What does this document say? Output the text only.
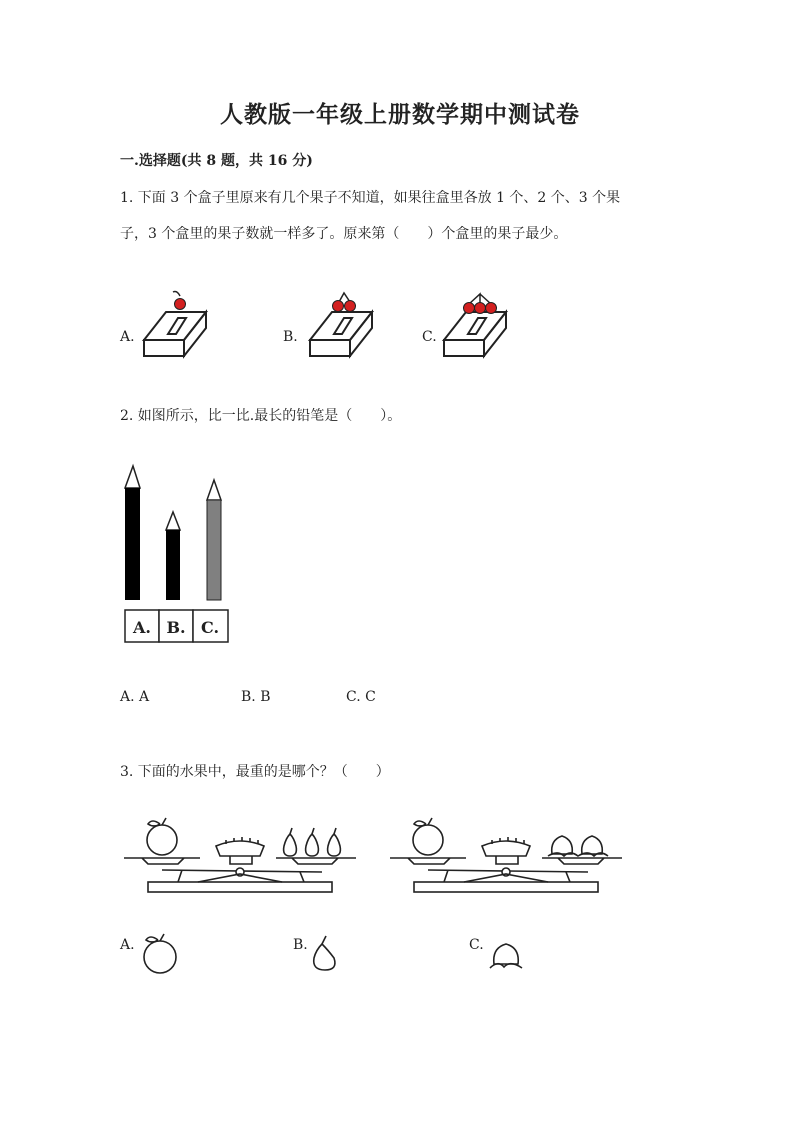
人教版一年级上册数学期中测试卷
一.选择题(共 8 题，共 16 分)
1. 下面 3 个盒子里原来有几个果子不知道，如果往盒里各放 1 个、2 个、3 个果
子，3 个盒里的果子数就一样多了。原来第（　　）个盒里的果子最少。
A.	B.	C.
2. 如图所示，比一比.最长的铅笔是（　　）。
A. B. C.
A. A	B. B	C. C
3. 下面的水果中，最重的是哪个？（　　）
A.	B.	C.
